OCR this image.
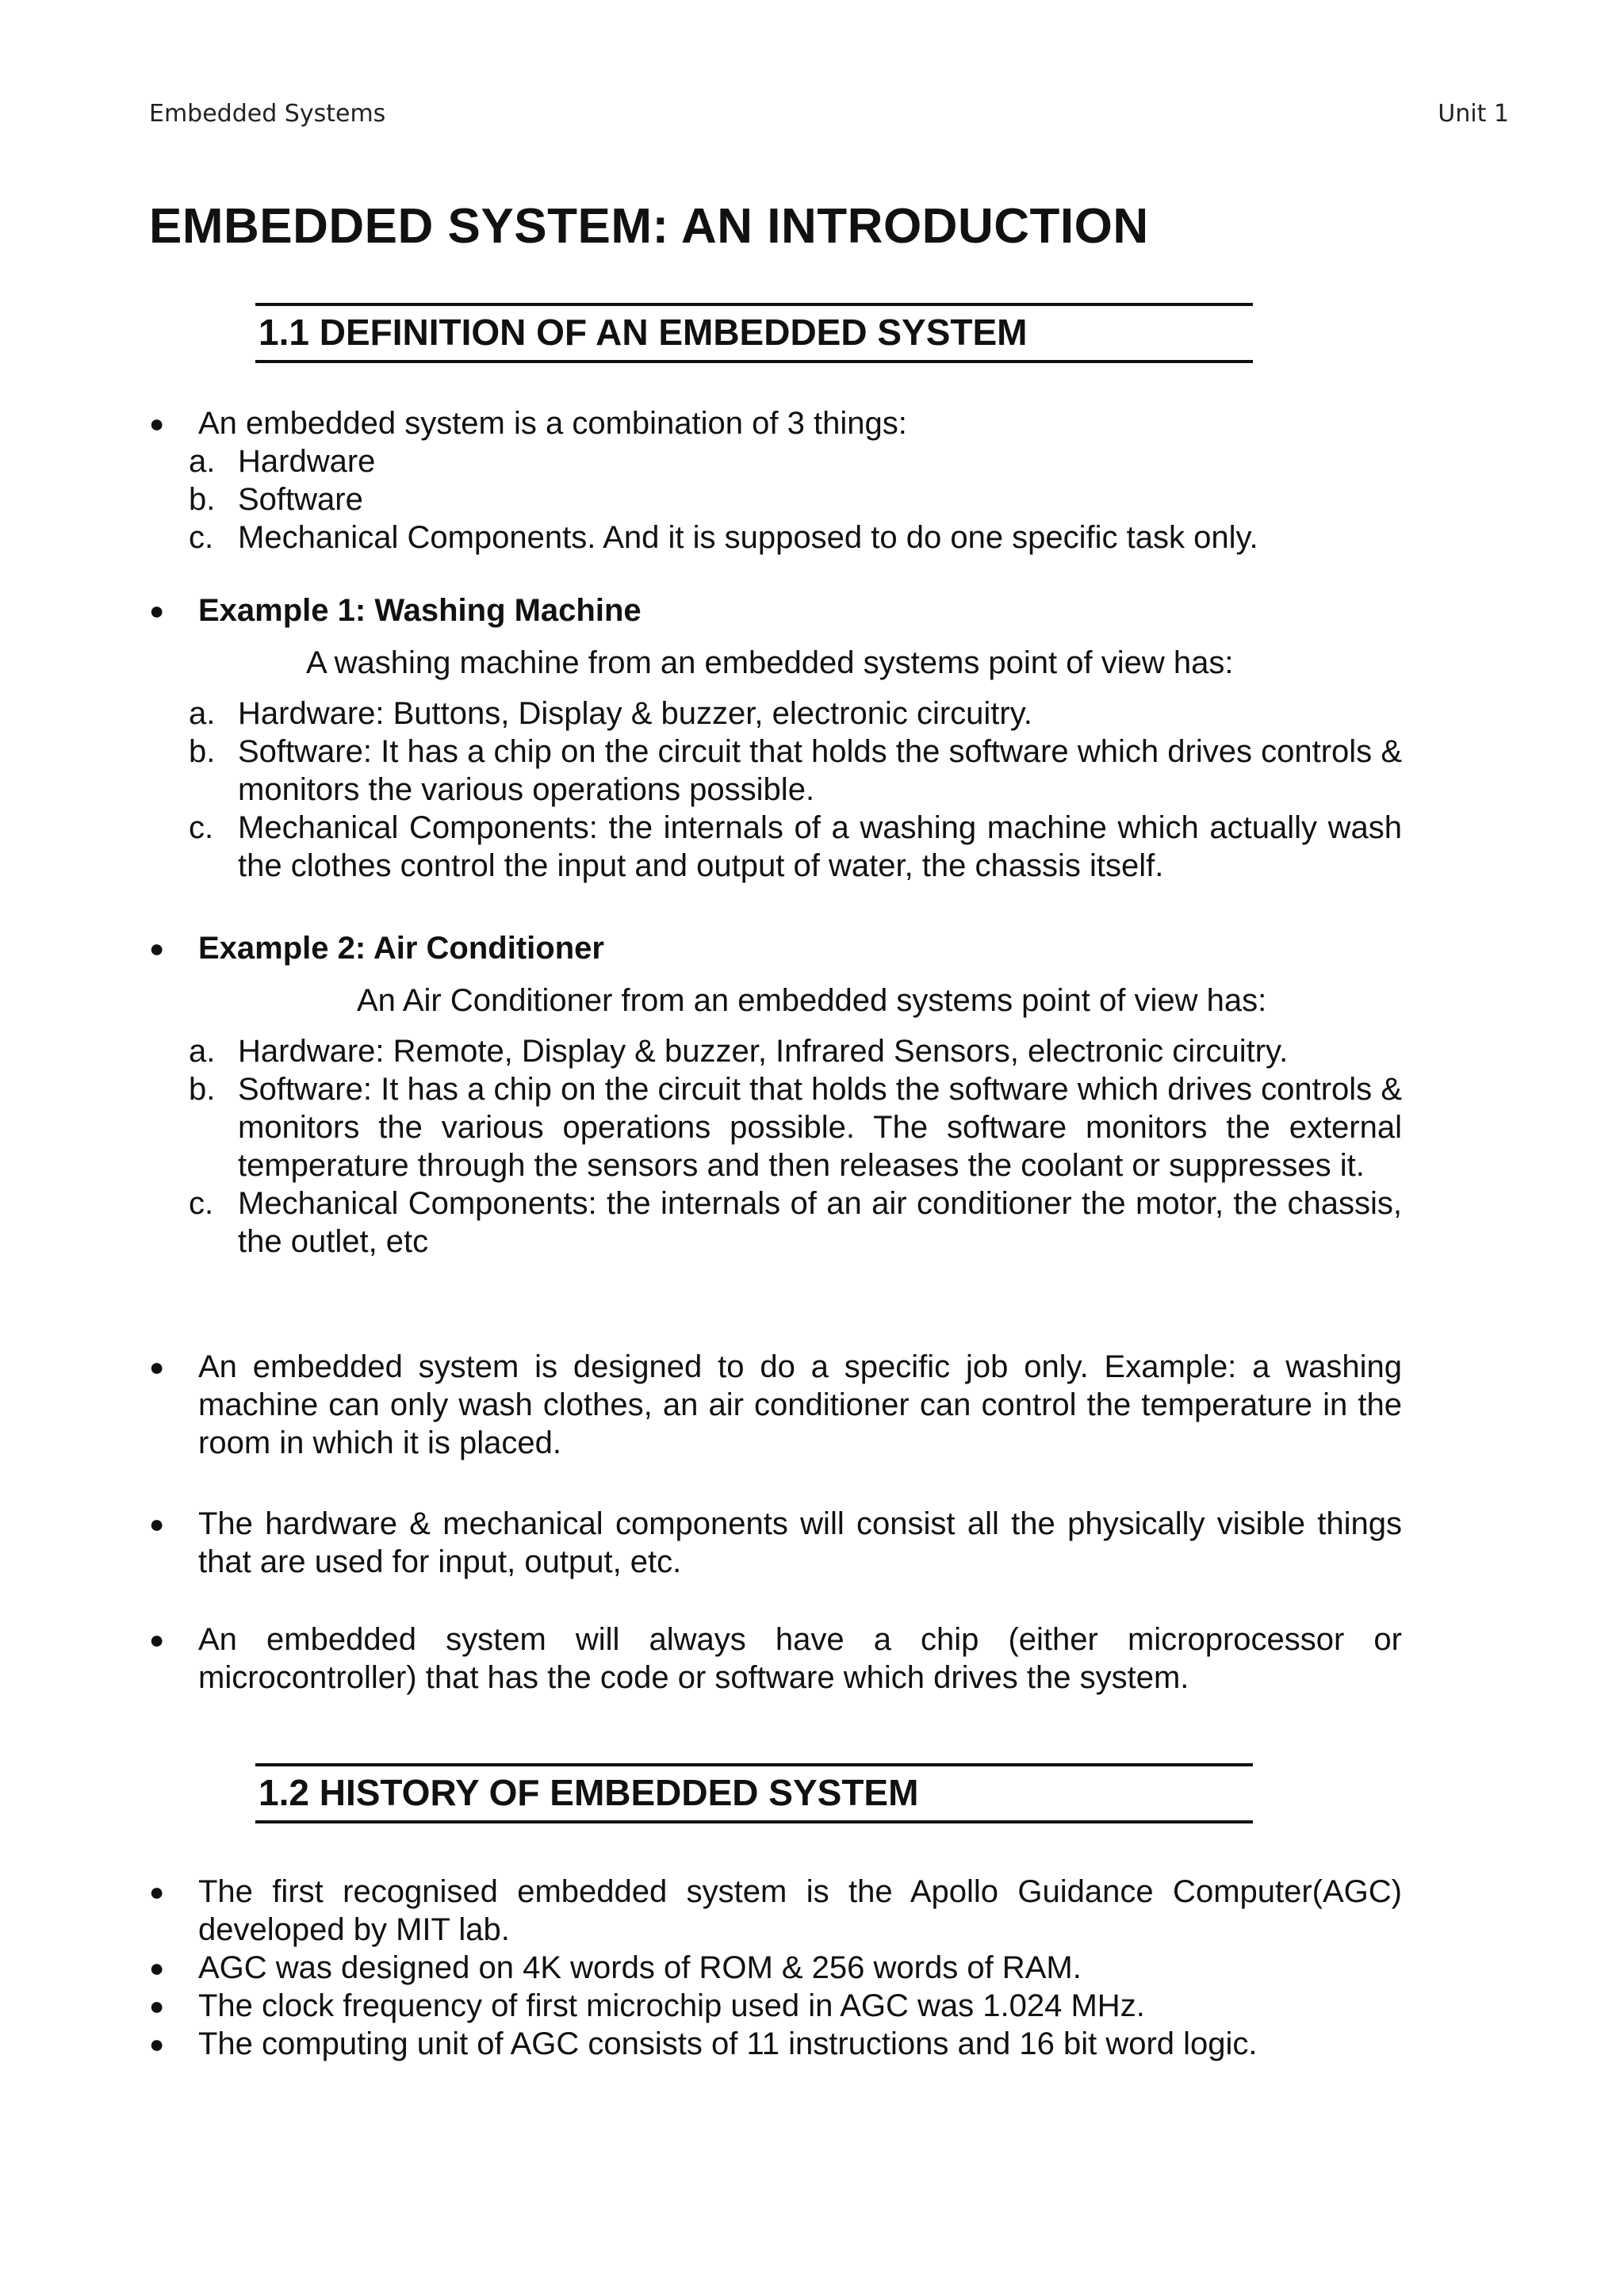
Embedded Systems	Unit 1
EMBEDDED SYSTEM: AN INTRODUCTION
1.1 DEFINITION OF AN EMBEDDED SYSTEM
●	An embedded system is a combination of 3 things:
a. Hardware
b. Software
c. Mechanical Components. And it is supposed to do one specific task only.
●	Example 1: Washing Machine
A washing machine from an embedded systems point of view has:
a. Hardware: Buttons, Display & buzzer, electronic circuitry.
b. Software: It has a chip on the circuit that holds the software which drives controls & monitors the various operations possible.
c. Mechanical Components: the internals of a washing machine which actually wash the clothes control the input and output of water, the chassis itself.
●	Example 2: Air Conditioner
An Air Conditioner from an embedded systems point of view has:
a. Hardware: Remote, Display & buzzer, Infrared Sensors, electronic circuitry.
b. Software: It has a chip on the circuit that holds the software which drives controls & monitors the various operations possible. The software monitors the external temperature through the sensors and then releases the coolant or suppresses it.
c. Mechanical Components: the internals of an air conditioner the motor, the chassis, the outlet, etc
●	An embedded system is designed to do a specific job only. Example: a washing machine can only wash clothes, an air conditioner can control the temperature in the room in which it is placed.
●	The hardware & mechanical components will consist all the physically visible things that are used for input, output, etc.
●	An embedded system will always have a chip (either microprocessor or microcontroller) that has the code or software which drives the system.
1.2 HISTORY OF EMBEDDED SYSTEM
●	The first recognised embedded system is the Apollo Guidance Computer(AGC) developed by MIT lab.
●	AGC was designed on 4K words of ROM & 256 words of RAM.
●	The clock frequency of first microchip used in AGC was 1.024 MHz.
●	The computing unit of AGC consists of 11 instructions and 16 bit word logic.
